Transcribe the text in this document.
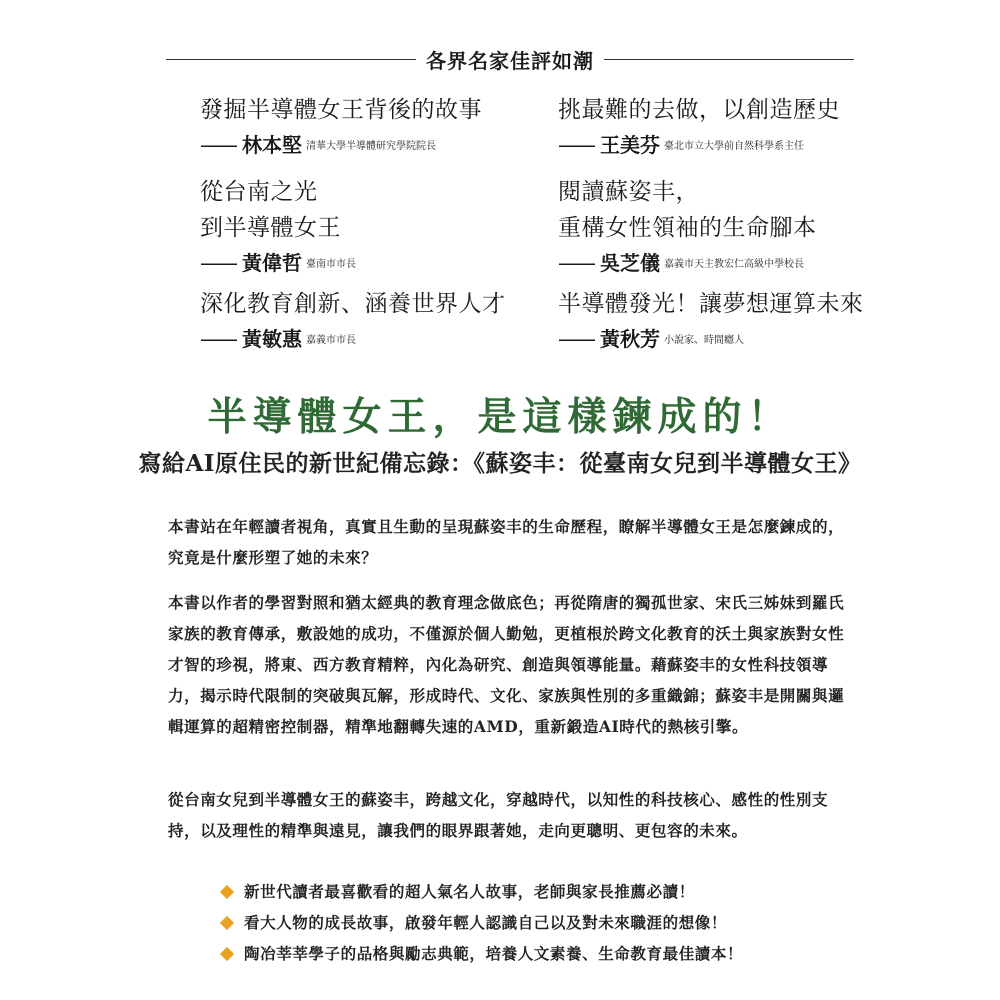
各界名家佳評如潮
發掘半導體女王背後的故事
—— 林本堅 清華大學半導體研究學院院長
挑最難的去做，以創造歷史
—— 王美芬 臺北市立大學前自然科學系主任
從台南之光
到半導體女王
—— 黃偉哲 臺南市市長
閱讀蘇姿丰，
重構女性領袖的生命腳本
—— 吳芝儀 嘉義市天主教宏仁高級中學校長
深化教育創新、涵養世界人才
—— 黃敏惠 嘉義市市長
半導體發光！讓夢想運算未來
—— 黃秋芳 小說家、時間癮人
半導體女王，是這樣鍊成的！
寫給AI原住民的新世紀備忘錄：《蘇姿丰：從臺南女兒到半導體女王》
本書站在年輕讀者視角，真實且生動的呈現蘇姿丰的生命歷程，瞭解半導體女王是怎麼鍊成的，究竟是什麼形塑了她的未來？
本書以作者的學習對照和猶太經典的教育理念做底色；再從隋唐的獨孤世家、宋氏三姊妹到羅氏家族的教育傳承，敷設她的成功，不僅源於個人勤勉，更植根於跨文化教育的沃土與家族對女性才智的珍視，將東、西方教育精粹，內化為研究、創造與領導能量。藉蘇姿丰的女性科技領導力，揭示時代限制的突破與瓦解，形成時代、文化、家族與性別的多重織錦；蘇姿丰是開關與邏輯運算的超精密控制器，精準地翻轉失速的AMD，重新鍛造AI時代的熱核引擎。
從台南女兒到半導體女王的蘇姿丰，跨越文化，穿越時代，以知性的科技核心、感性的性別支持，以及理性的精準與遠見，讓我們的眼界跟著她，走向更聰明、更包容的未來。
新世代讀者最喜歡看的超人氣名人故事，老師與家長推薦必讀！
看大人物的成長故事，啟發年輕人認識自己以及對未來職涯的想像！
陶冶莘莘學子的品格與勵志典範，培養人文素養、生命教育最佳讀本！
